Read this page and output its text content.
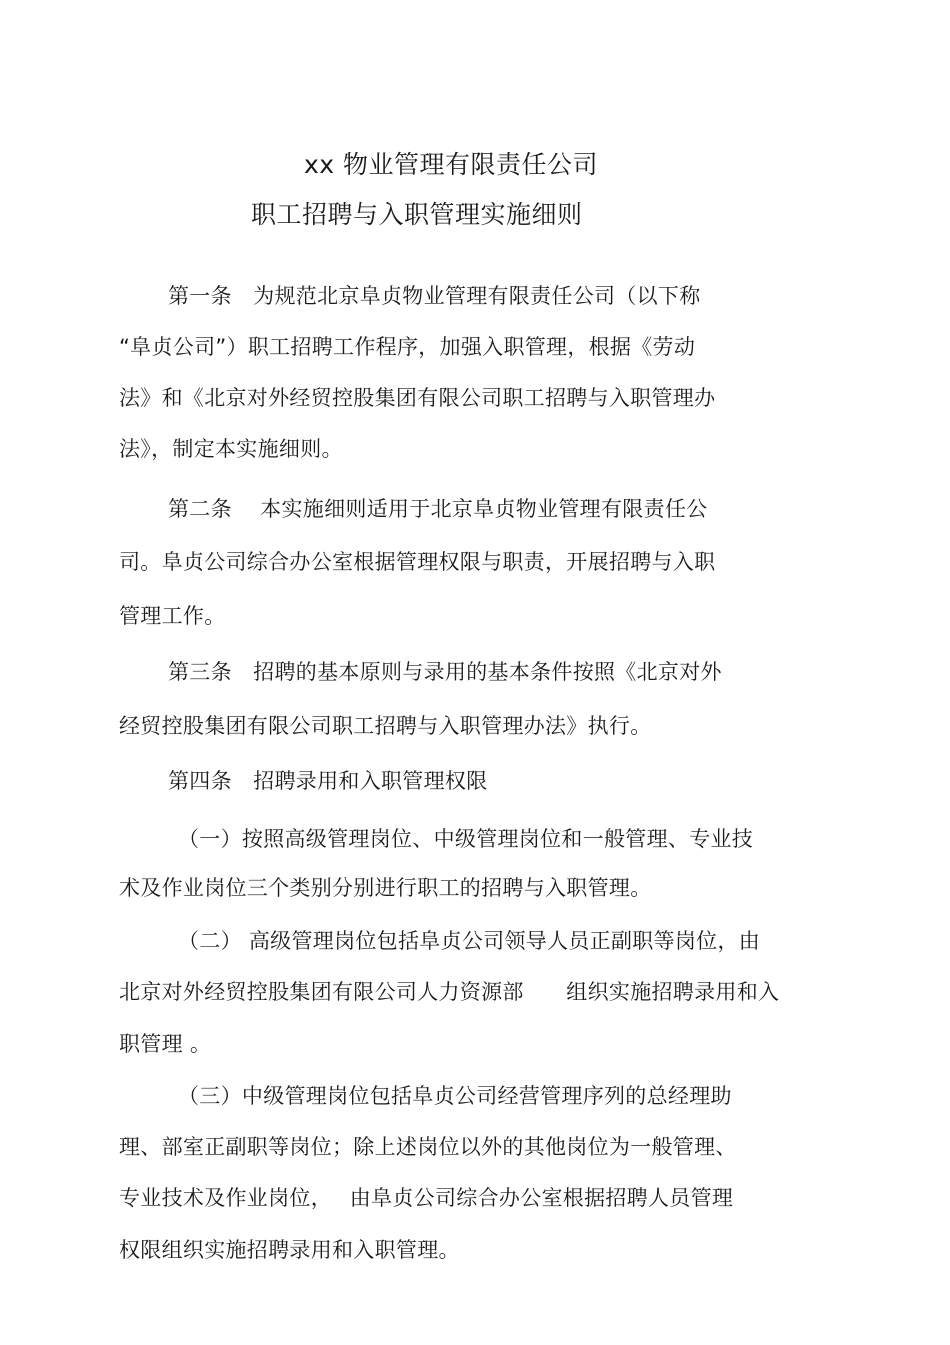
xx 物业管理有限责任公司
职工招聘与入职管理实施细则
第一条　为规范北京阜贞物业管理有限责任公司（以下称
“阜贞公司”）职工招聘工作程序，加强入职管理，根据《劳动
法》和《北京对外经贸控股集团有限公司职工招聘与入职管理办
法》，制定本实施细则。
第二条　 本实施细则适用于北京阜贞物业管理有限责任公
司。阜贞公司综合办公室根据管理权限与职责，开展招聘与入职
管理工作。
第三条　招聘的基本原则与录用的基本条件按照《北京对外
经贸控股集团有限公司职工招聘与入职管理办法》执行。
第四条　招聘录用和入职管理权限
（一）按照高级管理岗位、中级管理岗位和一般管理、专业技
术及作业岗位三个类别分别进行职工的招聘与入职管理。
（二） 高级管理岗位包括阜贞公司领导人员正副职等岗位，由
北京对外经贸控股集团有限公司人力资源部　　组织实施招聘录用和入
职管理 。
（三）中级管理岗位包括阜贞公司经营管理序列的总经理助
理、部室正副职等岗位；除上述岗位以外的其他岗位为一般管理、
专业技术及作业岗位，　 由阜贞公司综合办公室根据招聘人员管理
权限组织实施招聘录用和入职管理。
